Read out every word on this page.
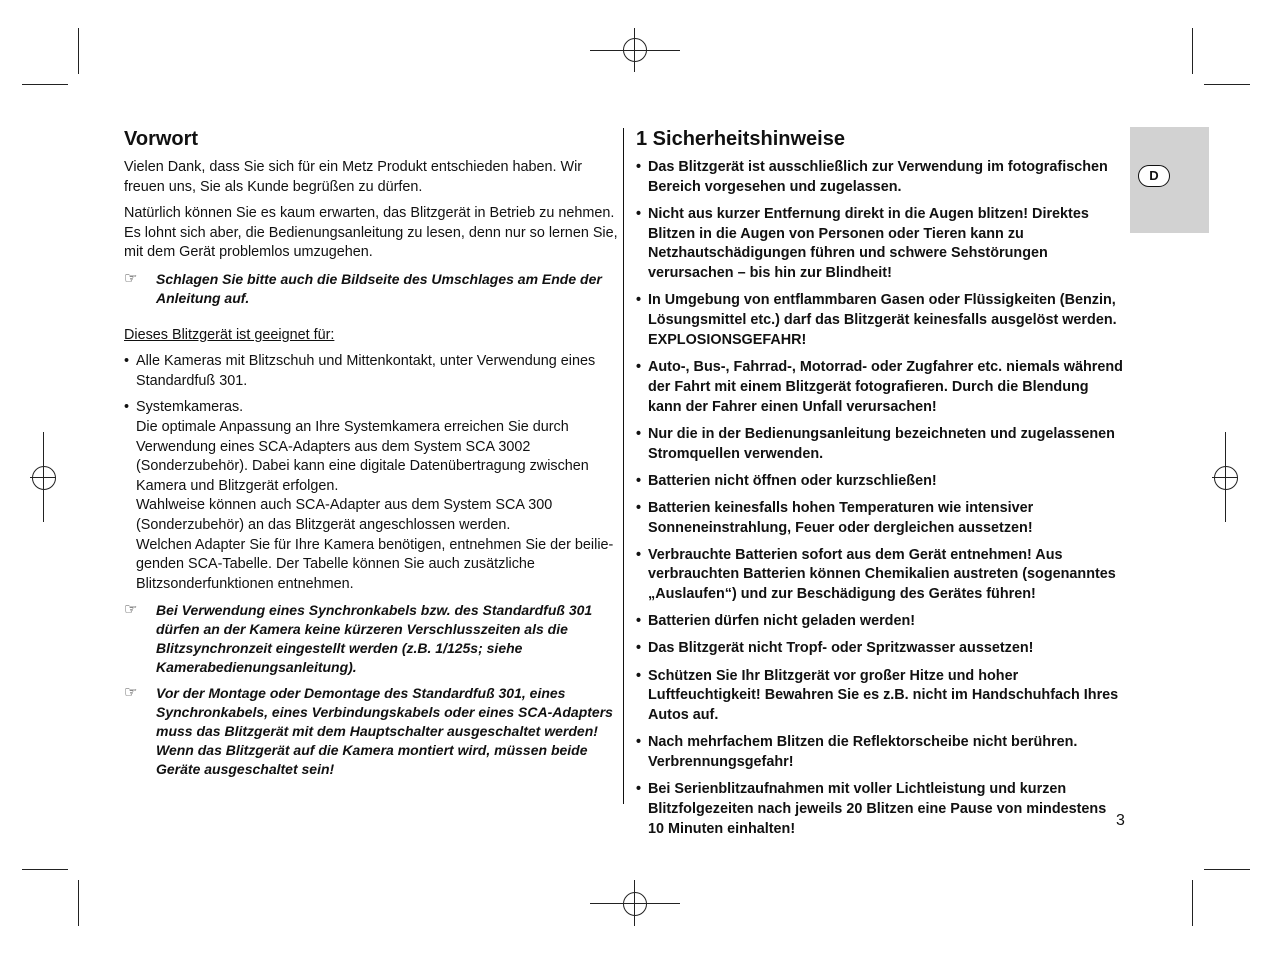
D
Vorwort

Vielen Dank, dass Sie sich für ein Metz Produkt entschieden haben. Wir freuen uns, Sie als Kunde begrüßen zu dürfen.

Natürlich können Sie es kaum erwarten, das Blitzgerät in Betrieb zu nehmen. Es lohnt sich aber, die Bedienungsanleitung zu lesen, denn nur so lernen Sie, mit dem Gerät problemlos umzugehen.

☞ Schlagen Sie bitte auch die Bildseite des Umschlages am Ende der Anleitung auf.

Dieses Blitzgerät ist geeignet für:

• Alle Kameras mit Blitzschuh und Mittenkontakt, unter Verwendung eines Standardfuß 301.
• Systemkameras.
Die optimale Anpassung an Ihre Systemkamera erreichen Sie durch Verwendung eines SCA-Adapters aus dem System SCA 3002 (Sonderzubehör). Dabei kann eine digitale Datenübertragung zwischen Kamera und Blitzgerät erfolgen.
Wahlweise können auch SCA-Adapter aus dem System SCA 300 (Sonderzubehör) an das Blitzgerät angeschlossen werden.
Welchen Adapter Sie für Ihre Kamera benötigen, entnehmen Sie der beiliegenden SCA-Tabelle. Der Tabelle können Sie auch zusätzliche Blitzsonderfunktionen entnehmen.
☞ Bei Verwendung eines Synchronkabels bzw. des Standardfuß 301 dürfen an der Kamera keine kürzeren Verschlusszeiten als die Blitzsynchronzeit eingestellt werden (z.B. 1/125s; siehe Kamerabedienungsanleitung).
☞ Vor der Montage oder Demontage des Standardfuß 301, eines Synchronkabels, eines Verbindungskabels oder eines SCA-Adapters muss das Blitzgerät mit dem Hauptschalter ausgeschaltet werden! Wenn das Blitzgerät auf die Kamera montiert wird, müssen beide Geräte ausgeschaltet sein!
1 Sicherheitshinweise
• Das Blitzgerät ist ausschließlich zur Verwendung im fotografischen Bereich vorgesehen und zugelassen.
• Nicht aus kurzer Entfernung direkt in die Augen blitzen! Direktes Blitzen in die Augen von Personen oder Tieren kann zu Netzhautschädigungen führen und schwere Sehstörungen verursachen – bis hin zur Blindheit!
• In Umgebung von entflammbaren Gasen oder Flüssigkeiten (Benzin, Lösungsmittel etc.) darf das Blitzgerät keinesfalls ausgelöst werden. EXPLOSIONSGEFAHR!
• Auto-, Bus-, Fahrrad-, Motorrad- oder Zugfahrer etc. niemals während der Fahrt mit einem Blitzgerät fotografieren. Durch die Blendung kann der Fahrer einen Unfall verursachen!
• Nur die in der Bedienungsanleitung bezeichneten und zugelassenen Stromquellen verwenden.
• Batterien nicht öffnen oder kurzschließen!
• Batterien keinesfalls hohen Temperaturen wie intensiver Sonneneinstrahlung, Feuer oder dergleichen aussetzen!
• Verbrauchte Batterien sofort aus dem Gerät entnehmen! Aus verbrauchten Batterien können Chemikalien austreten (sogenanntes „Auslaufen“) und zur Beschädigung des Gerätes führen!
• Batterien dürfen nicht geladen werden!
• Das Blitzgerät nicht Tropf- oder Spritzwasser aussetzen!
• Schützen Sie Ihr Blitzgerät vor großer Hitze und hoher Luftfeuchtigkeit! Bewahren Sie es z.B. nicht im Handschuhfach Ihres Autos auf.
• Nach mehrfachem Blitzen die Reflektorscheibe nicht berühren. Verbrennungsgefahr!
• Bei Serienblitzaufnahmen mit voller Lichtleistung und kurzen Blitzfolgezeiten nach jeweils 20 Blitzen eine Pause von mindestens 10 Minuten einhalten!	3
